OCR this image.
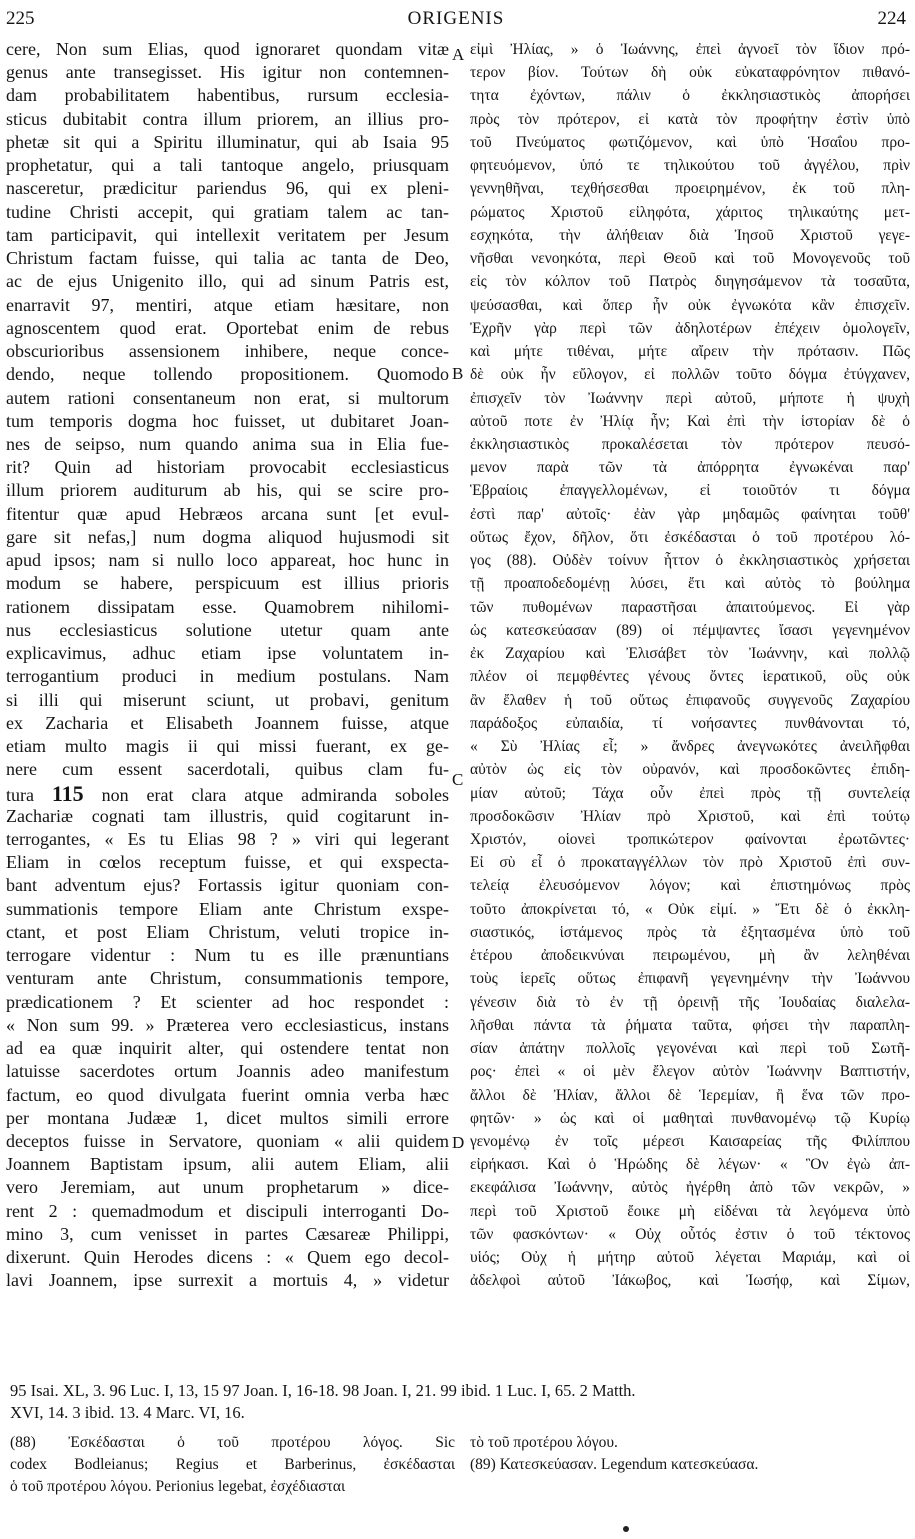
225	ORIGENIS	224
cere, Non sum Elias, quod ignoraret quondam vitæ
genus ante transegisset. His igitur non contemnen-
dam probabilitatem habentibus, rursum ecclesia-
sticus dubitabit contra illum priorem, an illius pro-
phetæ sit qui a Spiritu illuminatur, qui ab Isaia 95
prophetatur, qui a tali tantoque angelo, priusquam
nasceretur, prædicitur pariendus 96, qui ex pleni-
tudine Christi accepit, qui gratiam talem ac tan-
tam participavit, qui intellexit veritatem per Jesum
Christum factam fuisse, qui talia ac tanta de Deo,
ac de ejus Unigenito illo, qui ad sinum Patris est,
enarravit 97, mentiri, atque etiam hæsitare, non
agnoscentem quod erat. Oportebat enim de rebus
obscurioribus assensionem inhibere, neque conce-
dendo, neque tollendo propositionem. Quomodo
autem rationi consentaneum non erat, si multorum
tum temporis dogma hoc fuisset, ut dubitaret Joan-
nes de seipso, num quando anima sua in Elia fue-
rit? Quin ad historiam provocabit ecclesiasticus
illum priorem auditurum ab his, qui se scire pro-
fitentur quæ apud Hebræos arcana sunt [et evul-
gare sit nefas,] num dogma aliquod hujusmodi sit
apud ipsos; nam si nullo loco appareat, hoc hunc in
modum se habere, perspicuum est illius prioris
rationem dissipatam esse. Quamobrem nihilomi-
nus ecclesiasticus solutione utetur quam ante
explicavimus, adhuc etiam ipse voluntatem in-
terrogantium produci in medium postulans. Nam
si illi qui miserunt sciunt, ut probavi, genitum
ex Zacharia et Elisabeth Joannem fuisse, atque
etiam multo magis ii qui missi fuerant, ex ge-
nere cum essent sacerdotali, quibus clam fu-
tura 115 non erat clara atque admiranda soboles
Zachariæ cognati tam illustris, quid cogitarunt in-
terrogantes, « Es tu Elias 98 ? » viri qui legerant
Eliam in cœlos receptum fuisse, et qui exspecta-
bant adventum ejus? Fortassis igitur quoniam con-
summationis tempore Eliam ante Christum exspe-
ctant, et post Eliam Christum, veluti tropice in-
terrogare videntur : Num tu es ille prænuntians
venturam ante Christum, consummationis tempore,
prædicationem ? Et scienter ad hoc respondet :
« Non sum 99. » Præterea vero ecclesiasticus, instans
ad ea quæ inquirit alter, qui ostendere tentat non
latuisse sacerdotes ortum Joannis adeo manifestum
factum, eo quod divulgata fuerint omnia verba hæc
per montana Judææ 1, dicet multos simili errore
deceptos fuisse in Servatore, quoniam « alii quidem
Joannem Baptistam ipsum, alii autem Eliam, alii
vero Jeremiam, aut unum prophetarum » dice-
rent 2 : quemadmodum et discipuli interroganti Do-
mino 3, cum venisset in partes Cæsareæ Philippi,
dixerunt. Quin Herodes dicens : « Quem ego decol-
lavi Joannem, ipse surrexit a mortuis 4, » videtur
εἰμὶ Ἠλίας, » ὁ Ἰωάννης, ἐπεὶ ἀγνοεῖ τὸν ἴδιον πρό-
τερον βίον. Τούτων δὴ οὐκ εὐκαταφρόνητον πιθανό-
τητα ἐχόντων, πάλιν ὁ ἐκκλησιαστικὸς ἀπορήσει
πρὸς τὸν πρότερον, εἰ κατὰ τὸν προφήτην ἐστὶν ὑπὸ
τοῦ Πνεύματος φωτιζόμενον, καὶ ὑπὸ Ἡσαΐου προ-
φητευόμενον, ὑπό τε τηλικούτου τοῦ ἀγγέλου, πρὶν
γεννηθῆναι, τεχθήσεσθαι προειρημένον, ἐκ τοῦ πλη-
ρώματος Χριστοῦ εἰληφότα, χάριτος τηλικαύτης μετ-
εσχηκότα, τὴν ἀλήθειαν διὰ Ἰησοῦ Χριστοῦ γεγε-
νῆσθαι νενοηκότα, περὶ Θεοῦ καὶ τοῦ Μονογενοῦς τοῦ
εἰς τὸν κόλπον τοῦ Πατρὸς διηγησάμενον τὰ τοσαῦτα,
ψεύσασθαι, καὶ ὅπερ ἦν οὐκ ἐγνωκότα κἂν ἐπισχεῖν.
Ἐχρῆν γὰρ περὶ τῶν ἀδηλοτέρων ἐπέχειν ὁμολογεῖν,
καὶ μήτε τιθέναι, μήτε αἴρειν τὴν πρότασιν. Πῶς
δὲ οὐκ ἦν εὔλογον, εἰ πολλῶν τοῦτο δόγμα ἐτύγχανεν,
ἐπισχεῖν τὸν Ἰωάννην περὶ αὐτοῦ, μήποτε ἡ ψυχὴ
αὐτοῦ ποτε ἐν Ἠλίᾳ ἦν; Καὶ ἐπὶ τὴν ἱστορίαν δὲ ὁ
ἐκκλησιαστικὸς προκαλέσεται τὸν πρότερον πευσό-
μενον παρὰ τῶν τὰ ἀπόρρητα ἐγνωκέναι παρ'
Ἑβραίοις ἐπαγγελλομένων, εἰ τοιοῦτόν τι δόγμα
ἐστὶ παρ' αὐτοῖς· ἐὰν γὰρ μηδαμῶς φαίνηται τοῦθ'
οὕτως ἔχον, δῆλον, ὅτι ἐσκέδασται ὁ τοῦ προτέρου λό-
γος (88). Οὐδὲν τοίνυν ἧττον ὁ ἐκκλησιαστικὸς χρήσεται
τῇ προαποδεδομένῃ λύσει, ἔτι καὶ αὐτὸς τὸ βούλημα
τῶν πυθομένων παραστῆσαι ἀπαιτούμενος. Εἰ γὰρ
ὡς κατεσκεύασαν (89) οἱ πέμψαντες ἴσασι γεγενημένον
ἐκ Ζαχαρίου καὶ Ἐλισάβετ τὸν Ἰωάννην, καὶ πολλῷ
πλέον οἱ πεμφθέντες γένους ὄντες ἱερατικοῦ, οὓς οὐκ
ἂν ἔλαθεν ἡ τοῦ οὕτως ἐπιφανοῦς συγγενοῦς Ζαχαρίου
παράδοξος εὐπαιδία, τί νοήσαντες πυνθάνονται τό,
« Σὺ Ἠλίας εἶ; » ἄνδρες ἀνεγνωκότες ἀνειλῆφθαι
αὐτὸν ὡς εἰς τὸν οὐρανόν, καὶ προσδοκῶντες ἐπιδη-
μίαν αὐτοῦ; Τάχα οὖν ἐπεὶ πρὸς τῇ συντελείᾳ
προσδοκῶσιν Ἠλίαν πρὸ Χριστοῦ, καὶ ἐπὶ τούτῳ
Χριστόν, οἱονεὶ τροπικώτερον φαίνονται ἐρωτῶντες·
Εἰ σὺ εἶ ὁ προκαταγγέλλων τὸν πρὸ Χριστοῦ ἐπὶ συν-
τελείᾳ ἐλευσόμενον λόγον; καὶ ἐπιστημόνως πρὸς
τοῦτο ἀποκρίνεται τό, « Οὐκ εἰμί. » Ἔτι δὲ ὁ ἐκκλη-
σιαστικός, ἱστάμενος πρὸς τὰ ἐξητασμένα ὑπὸ τοῦ
ἑτέρου ἀποδεικνύναι πειρωμένου, μὴ ἂν λεληθέναι
τοὺς ἱερεῖς οὕτως ἐπιφανῆ γεγενημένην τὴν Ἰωάννου
γένεσιν διὰ τὸ ἐν τῇ ὀρεινῇ τῆς Ἰουδαίας διαλελα-
λῆσθαι πάντα τὰ ῥήματα ταῦτα, φήσει τὴν παραπλη-
σίαν ἀπάτην πολλοῖς γεγονέναι καὶ περὶ τοῦ Σωτῆ-
ρος· ἐπεὶ « οἱ μὲν ἔλεγον αὐτὸν Ἰωάννην Βαπτιστήν,
ἄλλοι δὲ Ἠλίαν, ἄλλοι δὲ Ἱερεμίαν, ἢ ἕνα τῶν προ-
φητῶν· » ὡς καὶ οἱ μαθηταὶ πυνθανομένῳ τῷ Κυρίῳ
γενομένῳ ἐν τοῖς μέρεσι Καισαρείας τῆς Φιλίππου
εἰρήκασι. Καὶ ὁ Ἡρώδης δὲ λέγων· « Ὃν ἐγὼ ἀπ-
εκεφάλισα Ἰωάννην, αὐτὸς ἠγέρθη ἀπὸ τῶν νεκρῶν, »
περὶ τοῦ Χριστοῦ ἔοικε μὴ εἰδέναι τὰ λεγόμενα ὑπὸ
τῶν φασκόντων· « Οὐχ οὗτός ἐστιν ὁ τοῦ τέκτονος
υἱός; Οὐχ ἡ μήτηρ αὐτοῦ λέγεται Μαριάμ, καὶ οἱ
ἀδελφοὶ αὐτοῦ Ἰάκωβος, καὶ Ἰωσήφ, καὶ Σίμων,
A
B
C
D
95 Isai. XL, 3. 96 Luc. I, 13, 15 97 Joan. I, 16-18. 98 Joan. I, 21. 99 ibid. 1 Luc. I, 65. 2 Matth.
XVI, 14. 3 ibid. 13. 4 Marc. VI, 16.
(88) Ἐσκέδασται ὁ τοῦ προτέρου λόγος. Sic
codex Bodleianus; Regius et Barberinus, ἐσκέδασται
ὁ τοῦ προτέρου λόγου. Perionius legebat, ἐσχέδιασται
τὸ τοῦ προτέρου λόγου.
(89) Κατεσκεύασαν. Legendum κατεσκεύασα.
